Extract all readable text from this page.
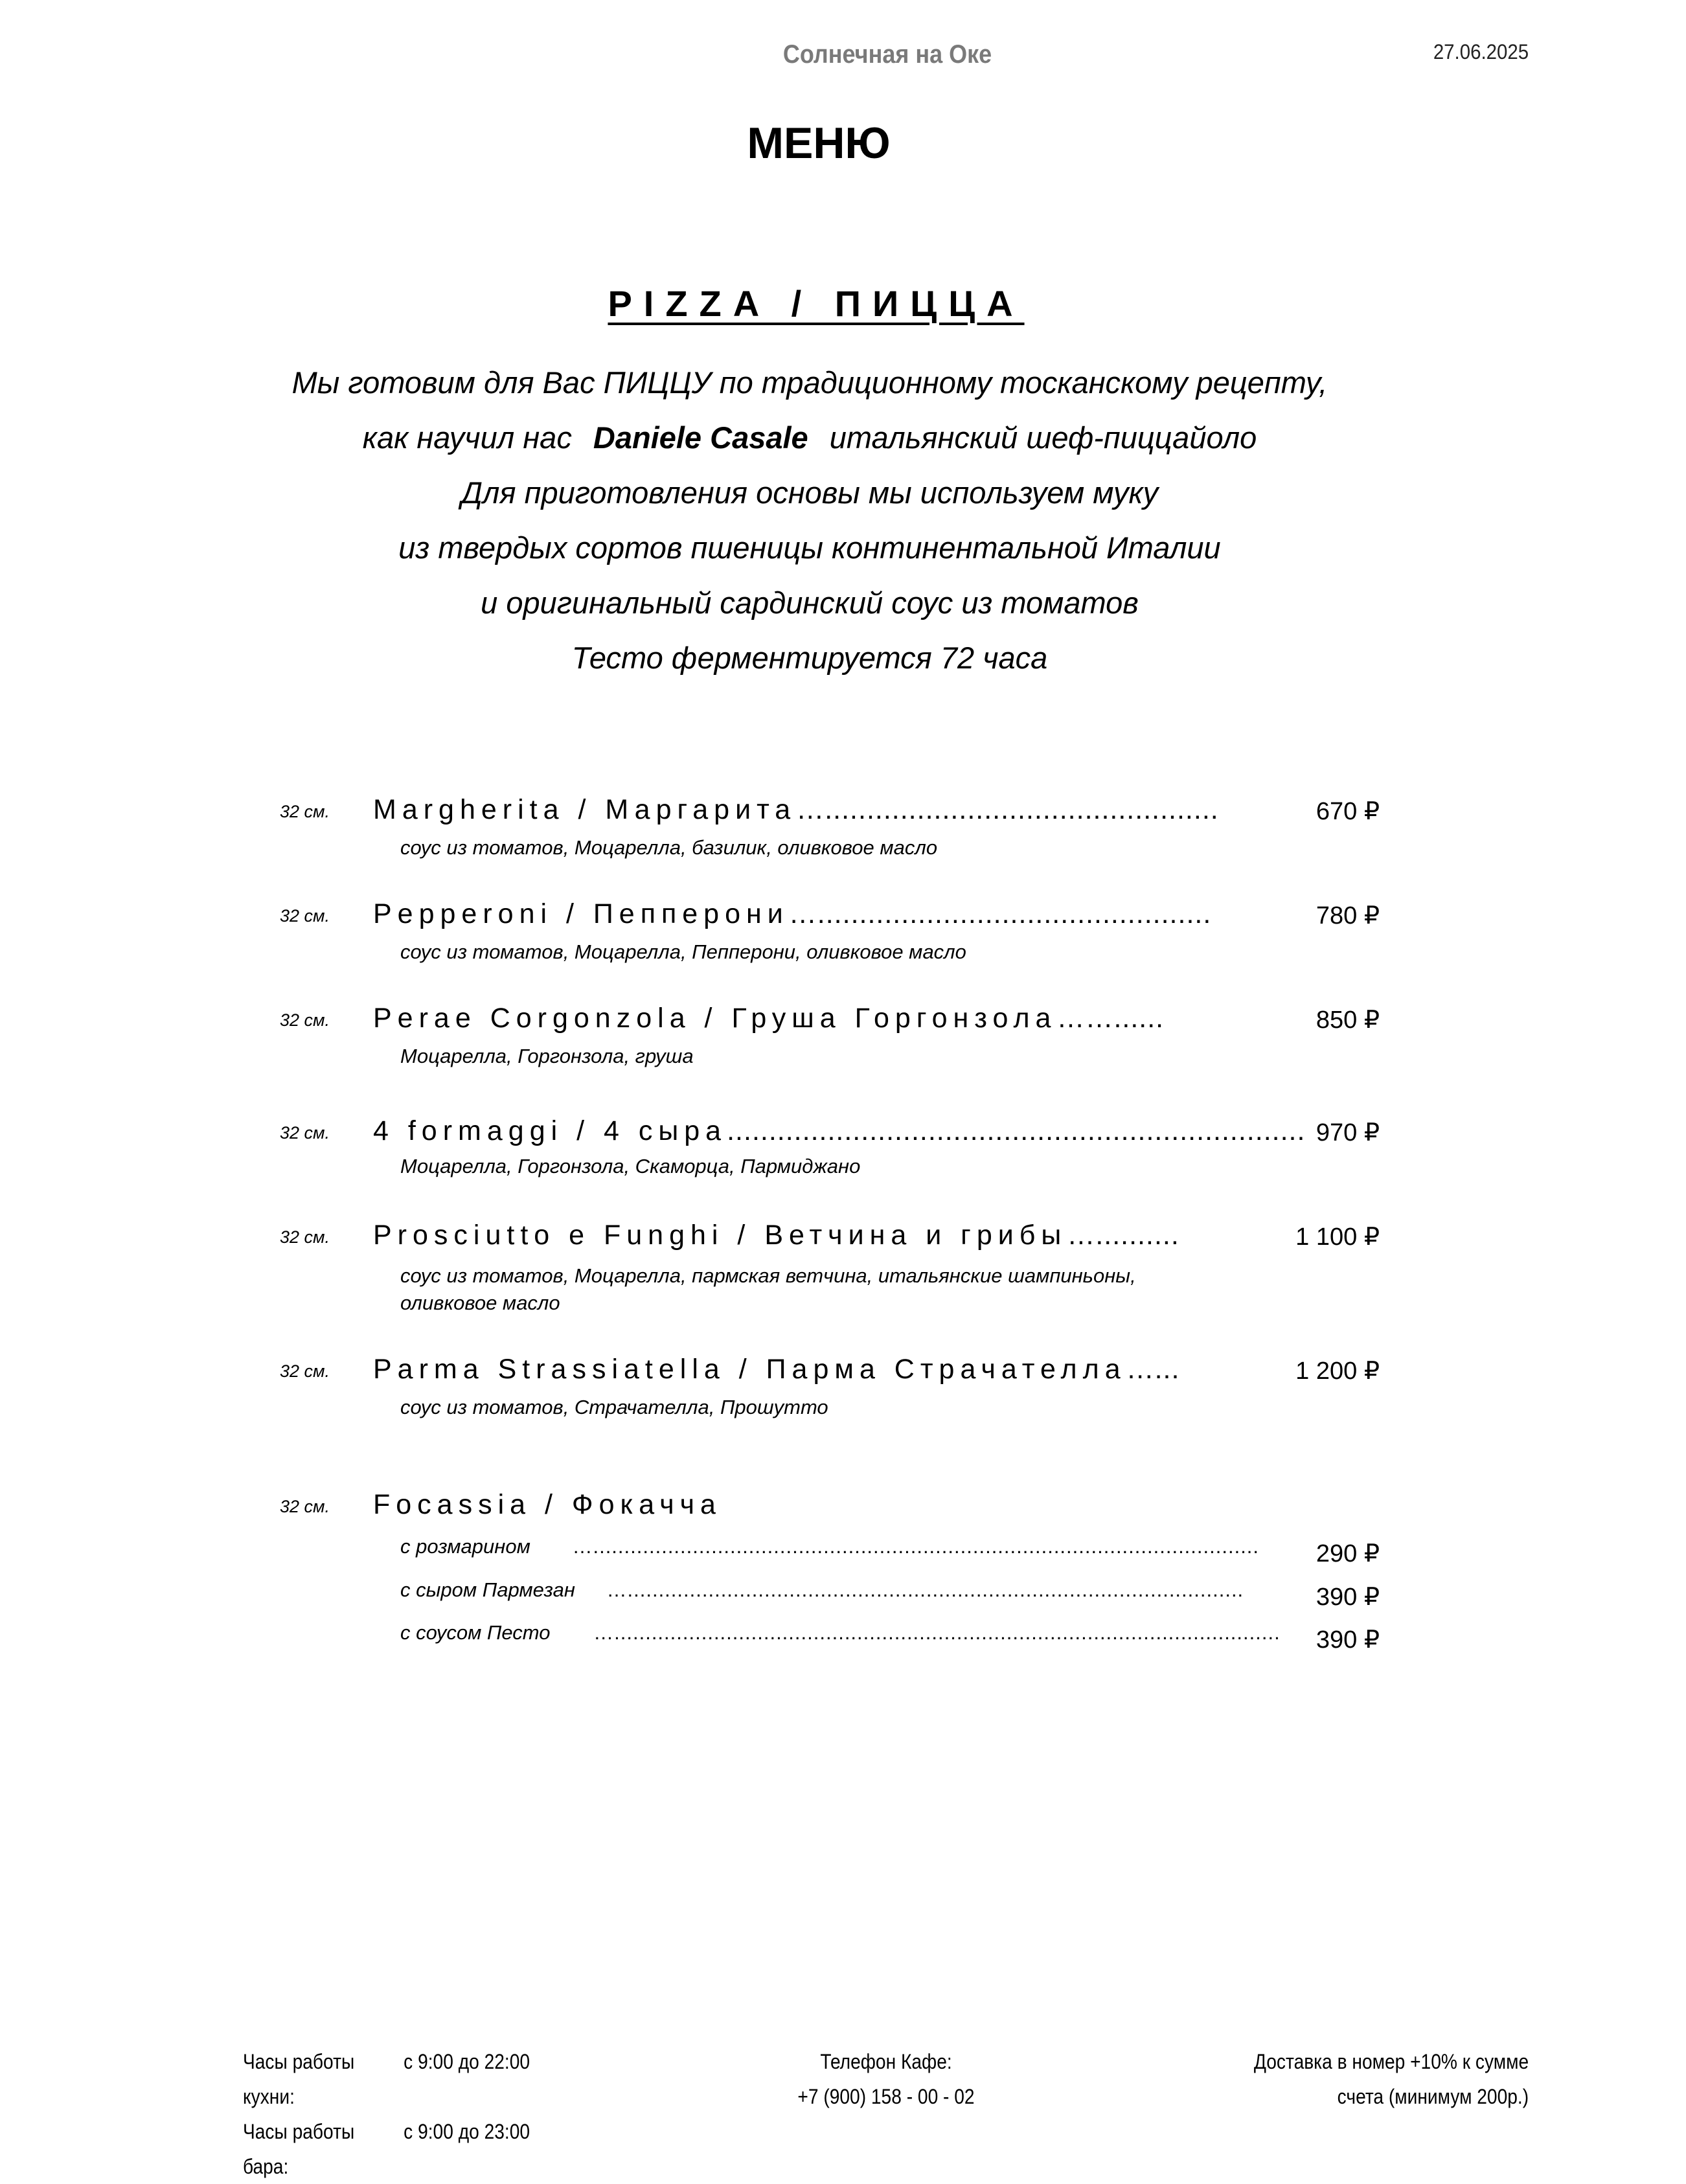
Солнечная на Оке	27.06.2025
МЕНЮ
PIZZA / ПИЦЦА
Мы готовим для Вас ПИЦЦУ по традиционному тосканскому рецепту,
как научил нас Daniele Casale итальянский шеф-пиццайоло
Для приготовления основы мы используем муку
из твердых сортов пшеницы континентальной Италии
и оригинальный сардинский соус из томатов
Тесто ферментируется 72 часа
32 см. Margherita / Маргарита…...............................................	670 ₽
соус из томатов, Моцарелла, базилик, оливковое масло
32 см. Pepperoni / Пепперони…...............................................	780 ₽
соус из томатов, Моцарелла, Пепперони, оливковое масло
32 см. Perae Corgonzola / Груша Горгонзола……......	850 ₽
Моцарелла, Горгонзола, груша
32 см. 4 formaggi / 4 сыра..................................................................... 970 ₽
Моцарелла, Горгонзола, Скаморца, Пармиджано
32 см. Prosciutto e Funghi / Ветчина и грибы…..........	1 100 ₽
соус из томатов, Моцарелла, пармская ветчина, итальянские шампиньоны,
оливковое масло
32 см. Parma Strassiatella / Парма Страчателла…...	1 200 ₽
соус из томатов, Страчателла, Прошутто
32 см. Focassia / Фокачча
с розмарином …........................................................................................................... 290 ₽
с сыром Пармезан …...................................................................................................	390 ₽
с соусом Песто …........................................................................................................... 390 ₽
Часы работы кухни:
с 9:00 до 22:00
Часы работы бара:
с 9:00 до 23:00
Телефон Кафе:
+7 (900) 158 - 00 - 02
Доставка в номер +10% к сумме
счета (минимум 200р.)
